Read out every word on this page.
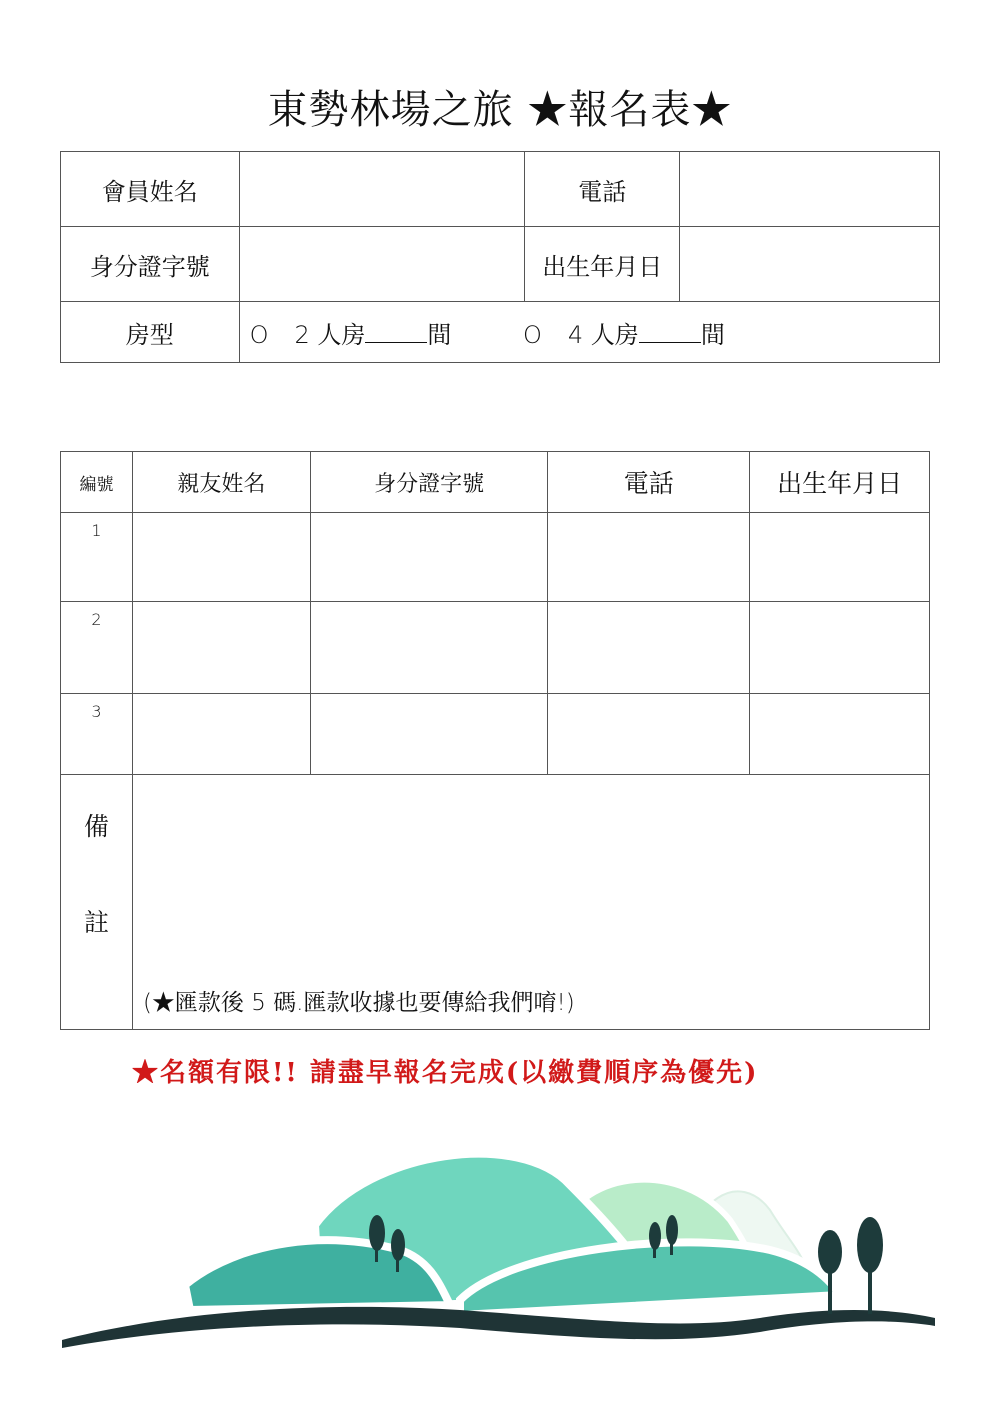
東勢林場之旅 ★報名表★
會員姓名		電話	
身分證字號		出生年月日	
房型	O 2 人房 間 O 4 人房 間		
編號	親友姓名	身分證字號	電話	出生年月日
1				
2				
3				

備
註	(★匯款後 5 碼.匯款收據也要傳給我們唷!)			
★名額有限!! 請盡早報名完成(以繳費順序為優先)
